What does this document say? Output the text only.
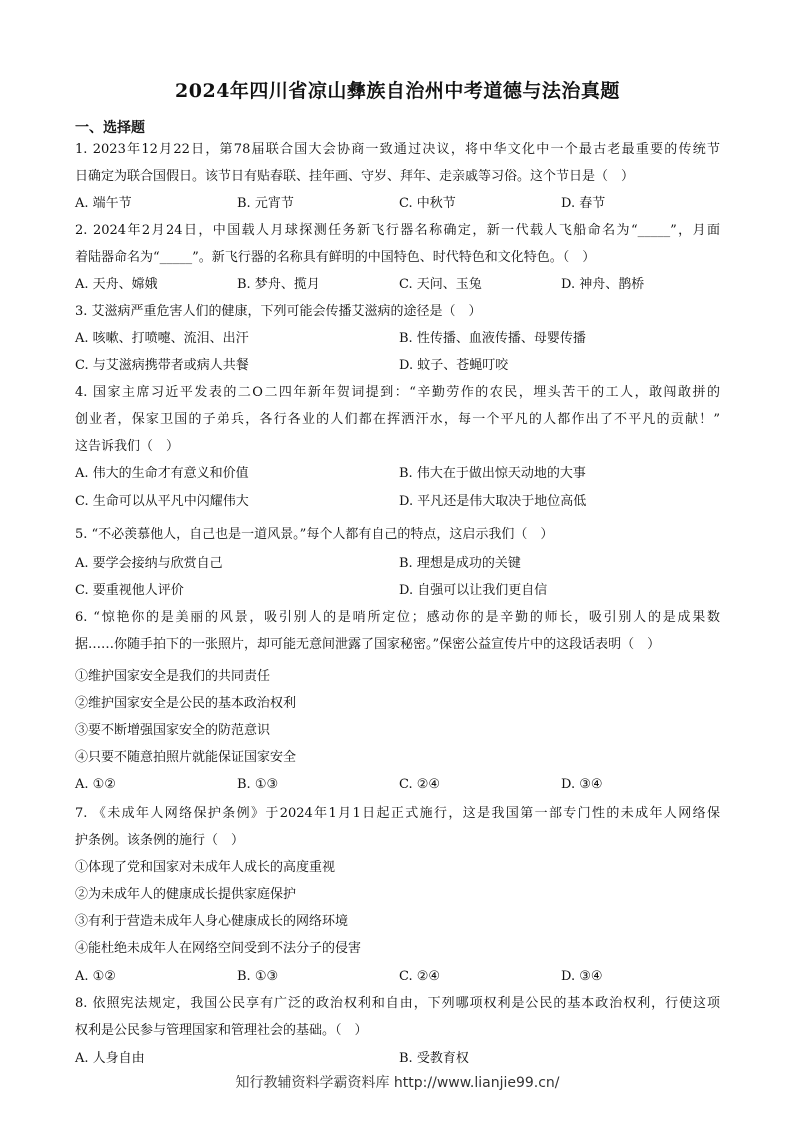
2024年四川省凉山彝族自治州中考道德与法治真题
一、选择题
1. 2023年12月22日，第78届联合国大会协商一致通过决议，将中华文化中一个最古老最重要的传统节
日确定为联合国假日。该节日有贴春联、挂年画、守岁、拜年、走亲戚等习俗。这个节日是（　）
A. 端午节	B. 元宵节	C. 中秋节	D. 春节
2. 2024年2月24日，中国载人月球探测任务新飞行器名称确定，新一代载人飞船命名为“_____”，月面
着陆器命名为“_____”。新飞行器的名称具有鲜明的中国特色、时代特色和文化特色。（　）
A. 天舟、嫦娥	B. 梦舟、揽月	C. 天问、玉兔	D. 神舟、鹊桥
3. 艾滋病严重危害人们的健康，下列可能会传播艾滋病的途径是（　）
A. 咳嗽、打喷嚏、流泪、出汗	B. 性传播、血液传播、母婴传播
C. 与艾滋病携带者或病人共餐	D. 蚊子、苍蝇叮咬
4. 国家主席习近平发表的二O二四年新年贺词提到：“辛勤劳作的农民，埋头苦干的工人，敢闯敢拼的
创业者，保家卫国的子弟兵，各行各业的人们都在挥洒汗水，每一个平凡的人都作出了不平凡的贡献！”
这告诉我们（　）
A. 伟大的生命才有意义和价值	B. 伟大在于做出惊天动地的大事
C. 生命可以从平凡中闪耀伟大	D. 平凡还是伟大取决于地位高低
5. “不必羡慕他人，自己也是一道风景。”每个人都有自己的特点，这启示我们（　）
A. 要学会接纳与欣赏自己	B. 理想是成功的关键
C. 要重视他人评价	D. 自强可以让我们更自信
6. “惊艳你的是美丽的风景，吸引别人的是哨所定位；感动你的是辛勤的师长，吸引别人的是成果数
据……你随手拍下的一张照片，却可能无意间泄露了国家秘密。”保密公益宣传片中的这段话表明（　）
①维护国家安全是我们的共同责任
②维护国家安全是公民的基本政治权利
③要不断增强国家安全的防范意识
④只要不随意拍照片就能保证国家安全
A. ①②	B. ①③	C. ②④	D. ③④
7. 《未成年人网络保护条例》于2024年1月1日起正式施行，这是我国第一部专门性的未成年人网络保
护条例。该条例的施行（　）
①体现了党和国家对未成年人成长的高度重视
②为未成年人的健康成长提供家庭保护
③有利于营造未成年人身心健康成长的网络环境
④能杜绝未成年人在网络空间受到不法分子的侵害
A. ①②	B. ①③	C. ②④	D. ③④
8. 依照宪法规定，我国公民享有广泛的政治权利和自由，下列哪项权利是公民的基本政治权利，行使这项
权利是公民参与管理国家和管理社会的基础。（　）
A. 人身自由	B. 受教育权
知行教辅资料学霸资料库 http://www.lianjie99.cn/
